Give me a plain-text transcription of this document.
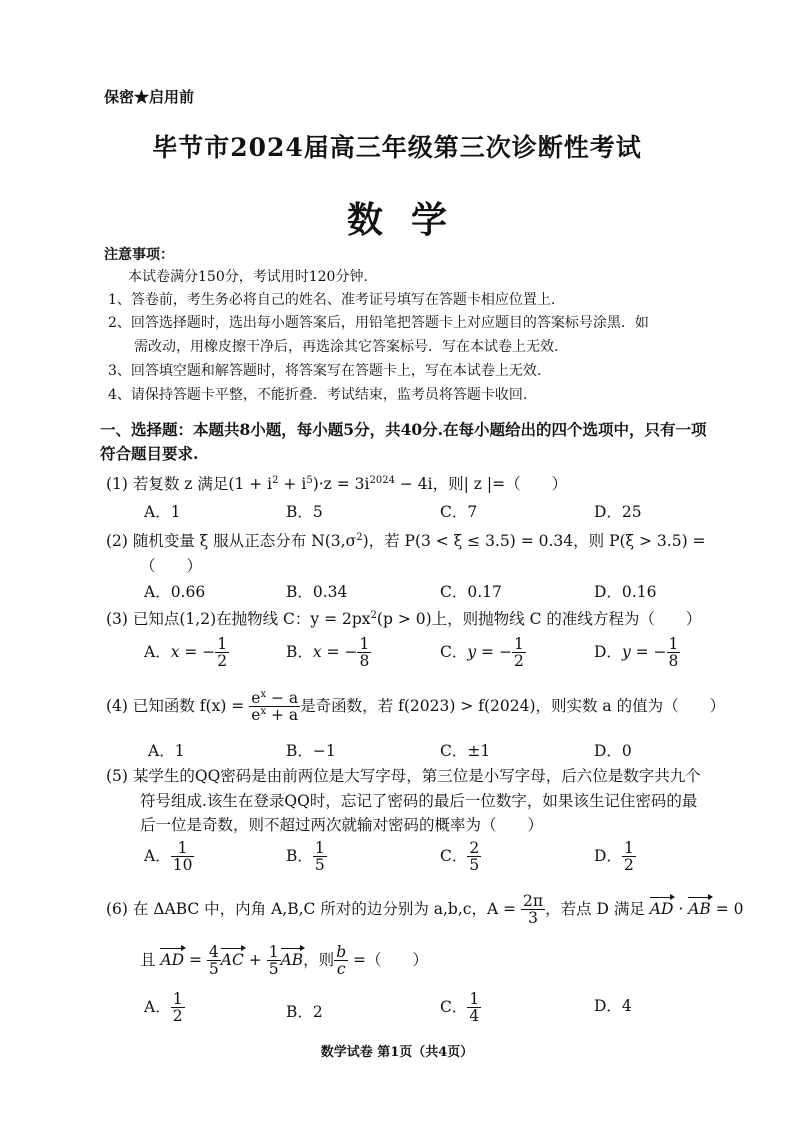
保密★启用前
毕节市2024届高三年级第三次诊断性考试
数学
注意事项：
本试卷满分150分，考试用时120分钟.
1、答卷前，考生务必将自己的姓名、准考证号填写在答题卡相应位置上.
2、回答选择题时，选出每小题答案后，用铅笔把答题卡上对应题目的答案标号涂黑．如
需改动，用橡皮擦干净后，再选涂其它答案标号．写在本试卷上无效.
3、回答填空题和解答题时，将答案写在答题卡上，写在本试卷上无效.
4、请保持答题卡平整，不能折叠．考试结束，监考员将答题卡收回.
一、选择题：本题共8小题，每小题5分，共40分.在每小题给出的四个选项中，只有一项符合题目要求.
(1) 若复数 z 满足$(1 + i^2 + i^5)\cdot z = 3i^{2024} - 4i$，则| z |=（　　）
A．1	B．5	C．7	D．25
(2) 随机变量 ξ 服从正态分布 $N(3,\sigma^2)$，若 P(3 < ξ ≤ 3.5) = 0.34，则 P(ξ > 3.5) =
（　　）
A．0.66	B．0.34	C．0.17	D．0.16
(3) 已知点(1,2)在抛物线 C：$y = 2px^2(p > 0)$上，则抛物线 C 的准线方程为（　　）
A．x = − $\frac{1}{2}$	B．x = − $\frac{1}{8}$	C．y = − $\frac{1}{2}$	D．y = − $\frac{1}{8}$
(4) 已知函数 $f(x) = \frac{e^x - a}{e^x + a}$ 是奇函数，若 f(2023) > f(2024)，则实数 a 的值为（　　）
A．1	B．−1	C．±1	D．0
(5) 某学生的QQ密码是由前两位是大写字母，第三位是小写字母，后六位是数字共九个
符号组成.该生在登录QQ时，忘记了密码的最后一位数字，如果该生记住密码的最
后一位是奇数，则不超过两次就输对密码的概率为（　　）
A． $\frac{1}{10}$	B． $\frac{1}{5}$	C． $\frac{2}{5}$	D． $\frac{1}{2}$
(6) 在 ΔABC 中，内角 A,B,C 所对的边分别为 a,b,c，$A = \frac{2\pi}{3}$ ，若点 D 满足 AD · AB = 0
且 AD = $\frac{4}{5}$ AC + $\frac{1}{5}$ AB，则 $\frac{b}{c}$ =（　　）
A． $\frac{1}{2}$	B．2	C． $\frac{1}{4}$	D．4
数学试卷 第1页（共4页）
